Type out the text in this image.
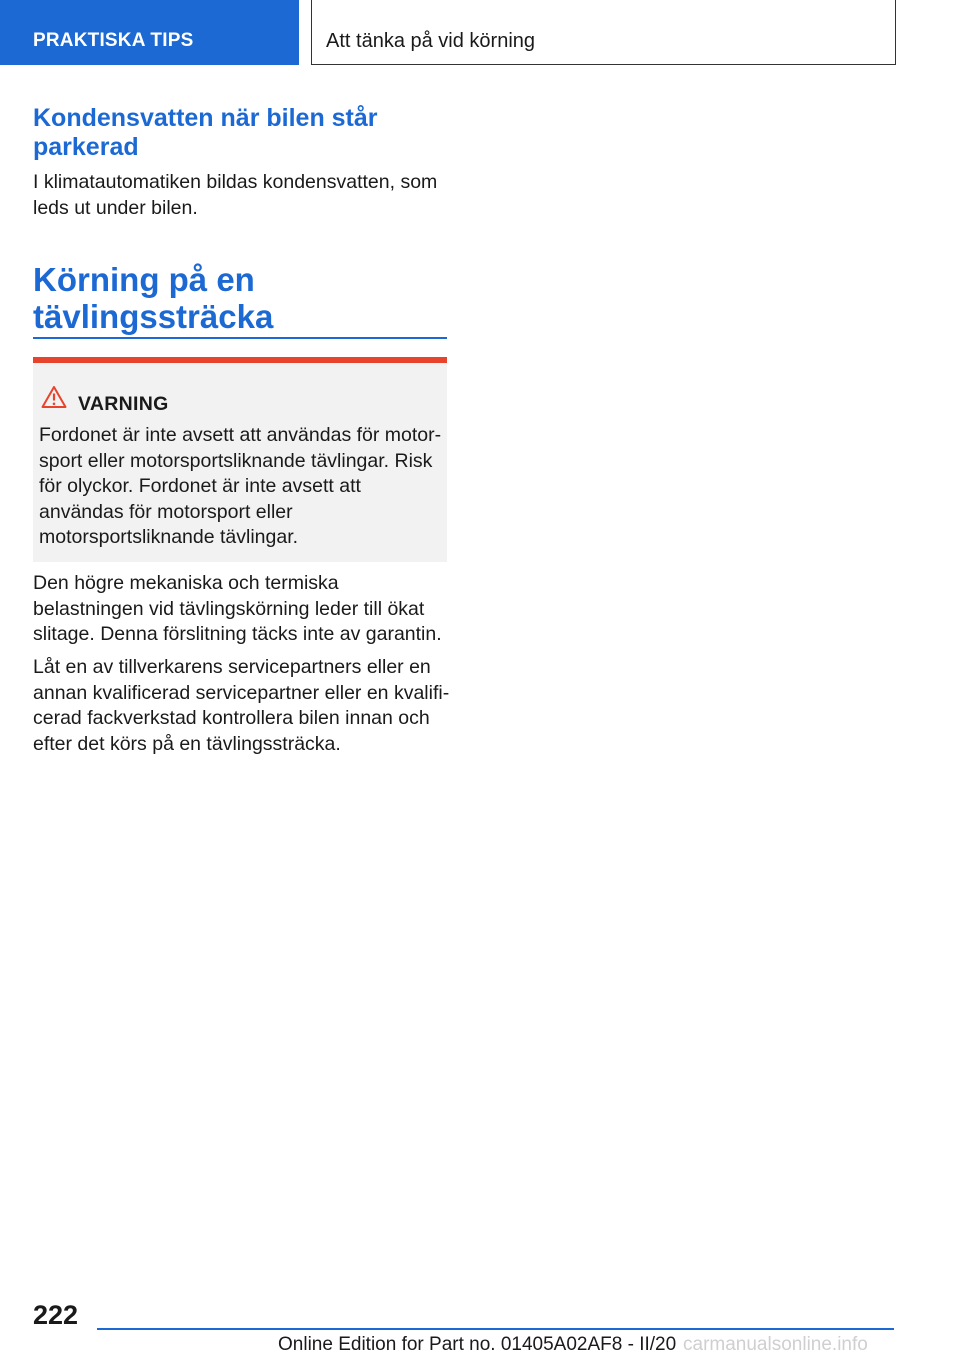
PRAKTISKA TIPS	Att tänka på vid körning
Kondensvatten när bilen står parkerad

I klimatautomatiken bildas kondensvatten, som leds ut under bilen.

Körning på en tävlingssträcka
VARNING

Fordonet är inte avsett att användas för motorsport eller motorsportsliknande tävlingar. Risk för olyckor. Fordonet är inte avsett att användas för motorsport eller motorsportsliknande tävlingar.

Den högre mekaniska och termiska belastningen vid tävlingskörning leder till ökat slitage. Denna förslitning täcks inte av garantin.

Låt en av tillverkarens servicepartners eller en annan kvalificerad servicepartner eller en kvalificerad fackverkstad kontrollera bilen innan och efter det körs på en tävlingssträcka.

222
Online Edition for Part no. 01405A02AF8 - II/20 carmanualsonline.info
